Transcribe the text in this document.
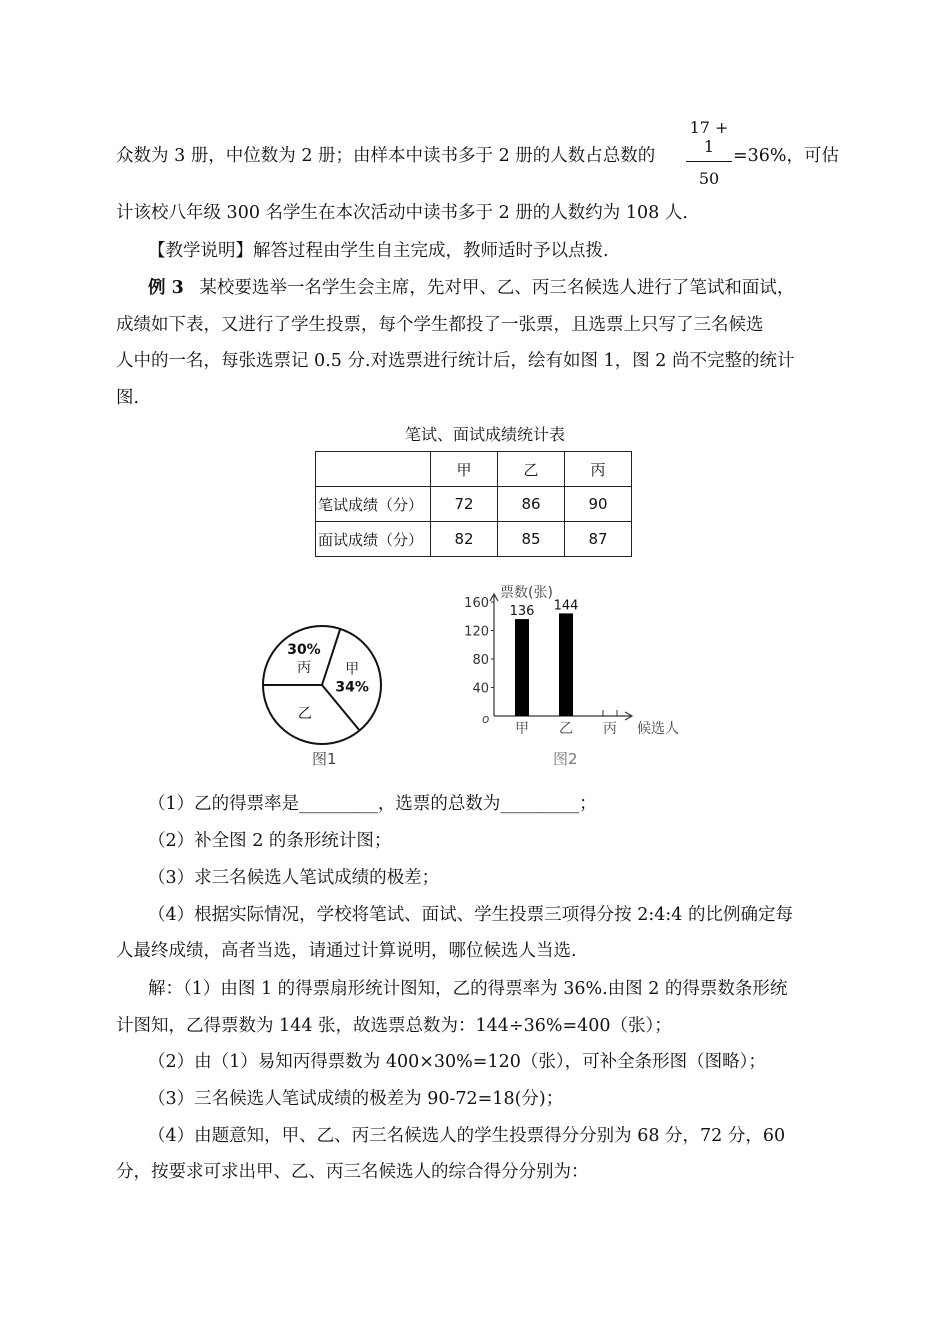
众数为 3 册，中位数为 2 册；由样本中读书多于 2 册的人数占总数的
17 + 1
50
=36%，可估
计该校八年级 300 名学生在本次活动中读书多于 2 册的人数约为 108 人.
【教学说明】解答过程由学生自主完成，教师适时予以点拨.
例 3 某校要选举一名学生会主席，先对甲、乙、丙三名候选人进行了笔试和面试，
成绩如下表，又进行了学生投票，每个学生都投了一张票，且选票上只写了三名候选
人中的一名，每张选票记 0.5 分.对选票进行统计后，绘有如图 1，图 2 尚不完整的统计
图.
笔试、面试成绩统计表
	甲	乙	丙
笔试成绩（分）	72	86	90
面试成绩（分）	82	85	87
30%
丙
34%
甲
乙
图1
票数(张)
候选人
o
40
80
120
160
136
甲
144
乙 丙
图2
（1）乙的得票率是_________，选票的总数为_________；
（2）补全图 2 的条形统计图；
（3）求三名候选人笔试成绩的极差；
（4）根据实际情况，学校将笔试、面试、学生投票三项得分按 2:4:4 的比例确定每
人最终成绩，高者当选，请通过计算说明，哪位候选人当选.
解：（1）由图 1 的得票扇形统计图知，乙的得票率为 36%.由图 2 的得票数条形统
计图知，乙得票数为 144 张，故选票总数为：144÷36%=400（张）；
（2）由（1）易知丙得票数为 400×30%=120（张），可补全条形图（图略）；
（3）三名候选人笔试成绩的极差为 90-72=18(分)；
（4）由题意知，甲、乙、丙三名候选人的学生投票得分分别为 68 分，72 分，60
分，按要求可求出甲、乙、丙三名候选人的综合得分分别为：
